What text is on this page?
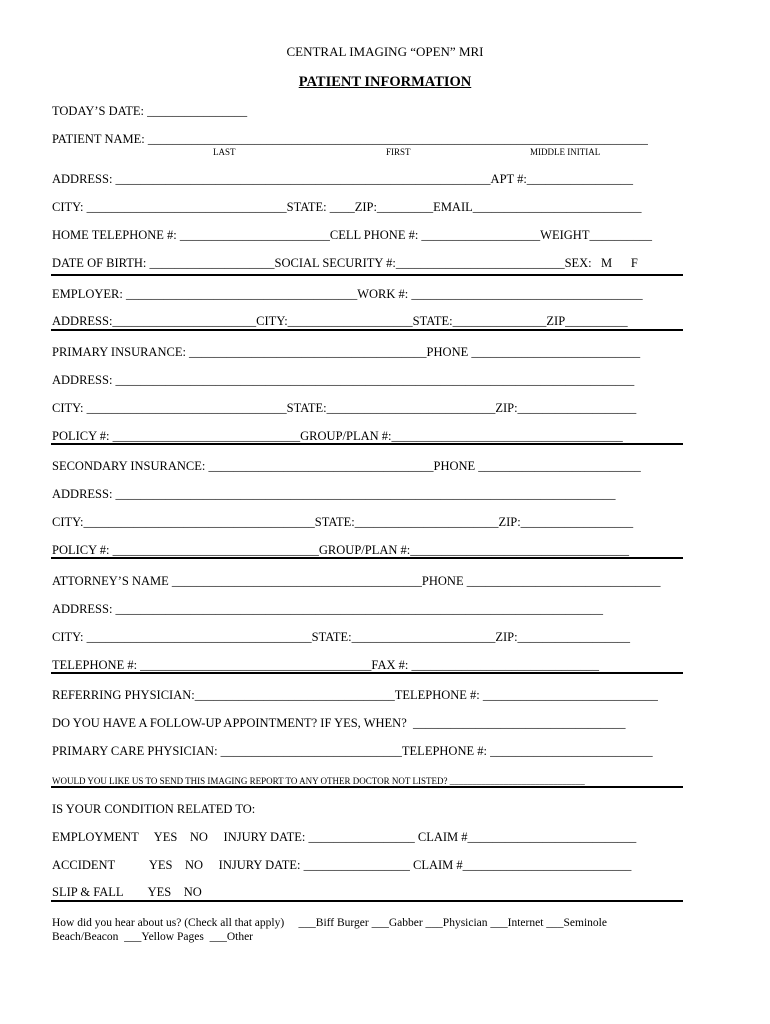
CENTRAL IMAGING “OPEN” MRI
PATIENT INFORMATION
TODAY’S DATE: ________________
PATIENT NAME: ________________________________________________________________________________
LAST	FIRST	MIDDLE INITIAL
ADDRESS: ____________________________________________________________APT #:_________________
CITY: ________________________________STATE: ____ZIP:_________EMAIL___________________________
HOME TELEPHONE #: ________________________CELL PHONE #: ___________________WEIGHT__________
DATE OF BIRTH: ____________________SOCIAL SECURITY #:___________________________SEX:   M      F
EMPLOYER: _____________________________________WORK #: _____________________________________
ADDRESS:_______________________CITY:____________________STATE:_______________ZIP__________
PRIMARY INSURANCE: ______________________________________PHONE ___________________________
ADDRESS: ___________________________________________________________________________________
CITY: ________________________________STATE:___________________________ZIP:___________________
POLICY #: ______________________________GROUP/PLAN #:_____________________________________
SECONDARY INSURANCE: ____________________________________PHONE __________________________
ADDRESS: ________________________________________________________________________________
CITY:_____________________________________STATE:_______________________ZIP:__________________
POLICY #: _________________________________GROUP/PLAN #:___________________________________
ATTORNEY’S NAME ________________________________________PHONE _______________________________
ADDRESS: ______________________________________________________________________________
CITY: ____________________________________STATE:_______________________ZIP:__________________
TELEPHONE #: _____________________________________FAX #: ______________________________
REFERRING PHYSICIAN:________________________________TELEPHONE #: ____________________________
DO YOU HAVE A FOLLOW-UP APPOINTMENT? IF YES, WHEN?  __________________________________
PRIMARY CARE PHYSICIAN: _____________________________TELEPHONE #: __________________________
WOULD YOU LIKE US TO SEND THIS IMAGING REPORT TO ANY OTHER DOCTOR NOT LISTED? ______________________________
IS YOUR CONDITION RELATED TO:
EMPLOYMENT     YES    NO     INJURY DATE: _________________ CLAIM #___________________________
ACCIDENT           YES    NO     INJURY DATE: _________________ CLAIM #___________________________
SLIP & FALL        YES    NO
How did you hear about us? (Check all that apply)     ___Biff Burger ___Gabber ___Physician ___Internet ___Seminole
Beach/Beacon  ___Yellow Pages  ___Other
